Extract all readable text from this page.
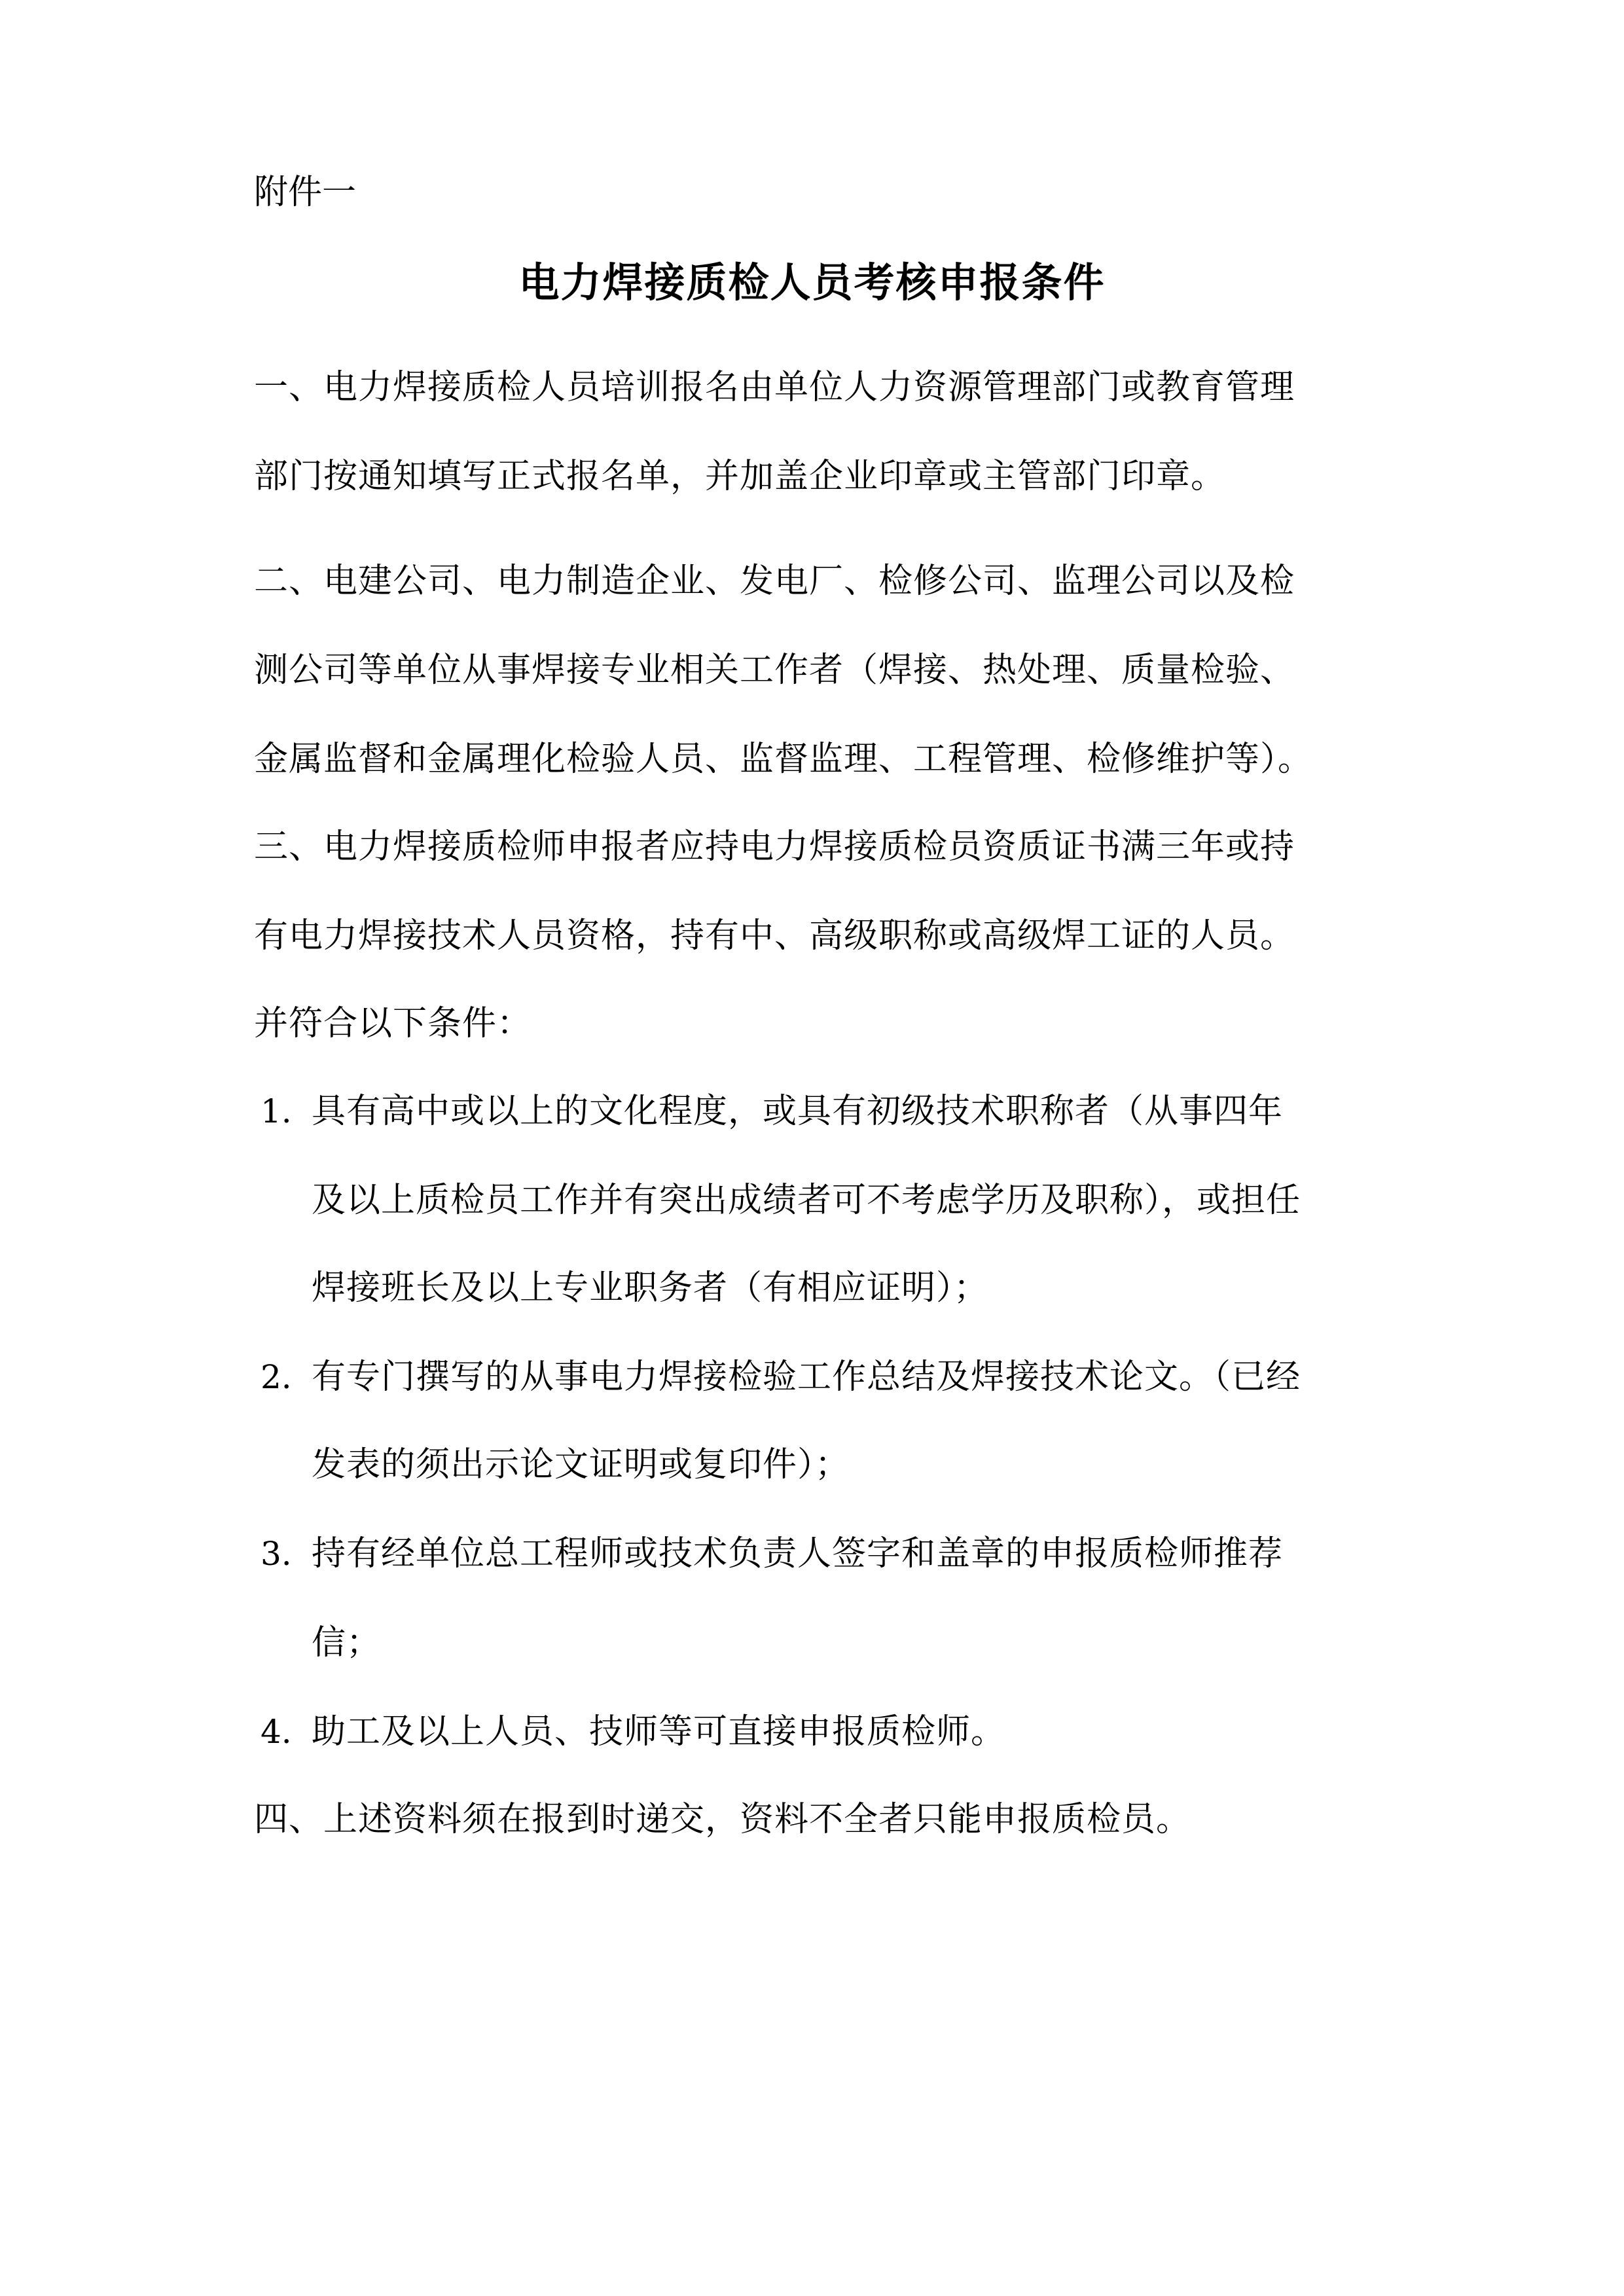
附件一
电力焊接质检人员考核申报条件
一、电力焊接质检人员培训报名由单位人力资源管理部门或教育管理
部门按通知填写正式报名单，并加盖企业印章或主管部门印章。
二、电建公司、电力制造企业、发电厂、检修公司、监理公司以及检
测公司等单位从事焊接专业相关工作者（焊接、热处理、质量检验、
金属监督和金属理化检验人员、监督监理、工程管理、检修维护等）。
三、电力焊接质检师申报者应持电力焊接质检员资质证书满三年或持
有电力焊接技术人员资格，持有中、高级职称或高级焊工证的人员。
并符合以下条件：
1. 具有高中或以上的文化程度，或具有初级技术职称者（从事四年
及以上质检员工作并有突出成绩者可不考虑学历及职称），或担任
焊接班长及以上专业职务者（有相应证明）；
2. 有专门撰写的从事电力焊接检验工作总结及焊接技术论文。（已经
发表的须出示论文证明或复印件）；
3. 持有经单位总工程师或技术负责人签字和盖章的申报质检师推荐
信；
4. 助工及以上人员、技师等可直接申报质检师。
四、上述资料须在报到时递交，资料不全者只能申报质检员。
